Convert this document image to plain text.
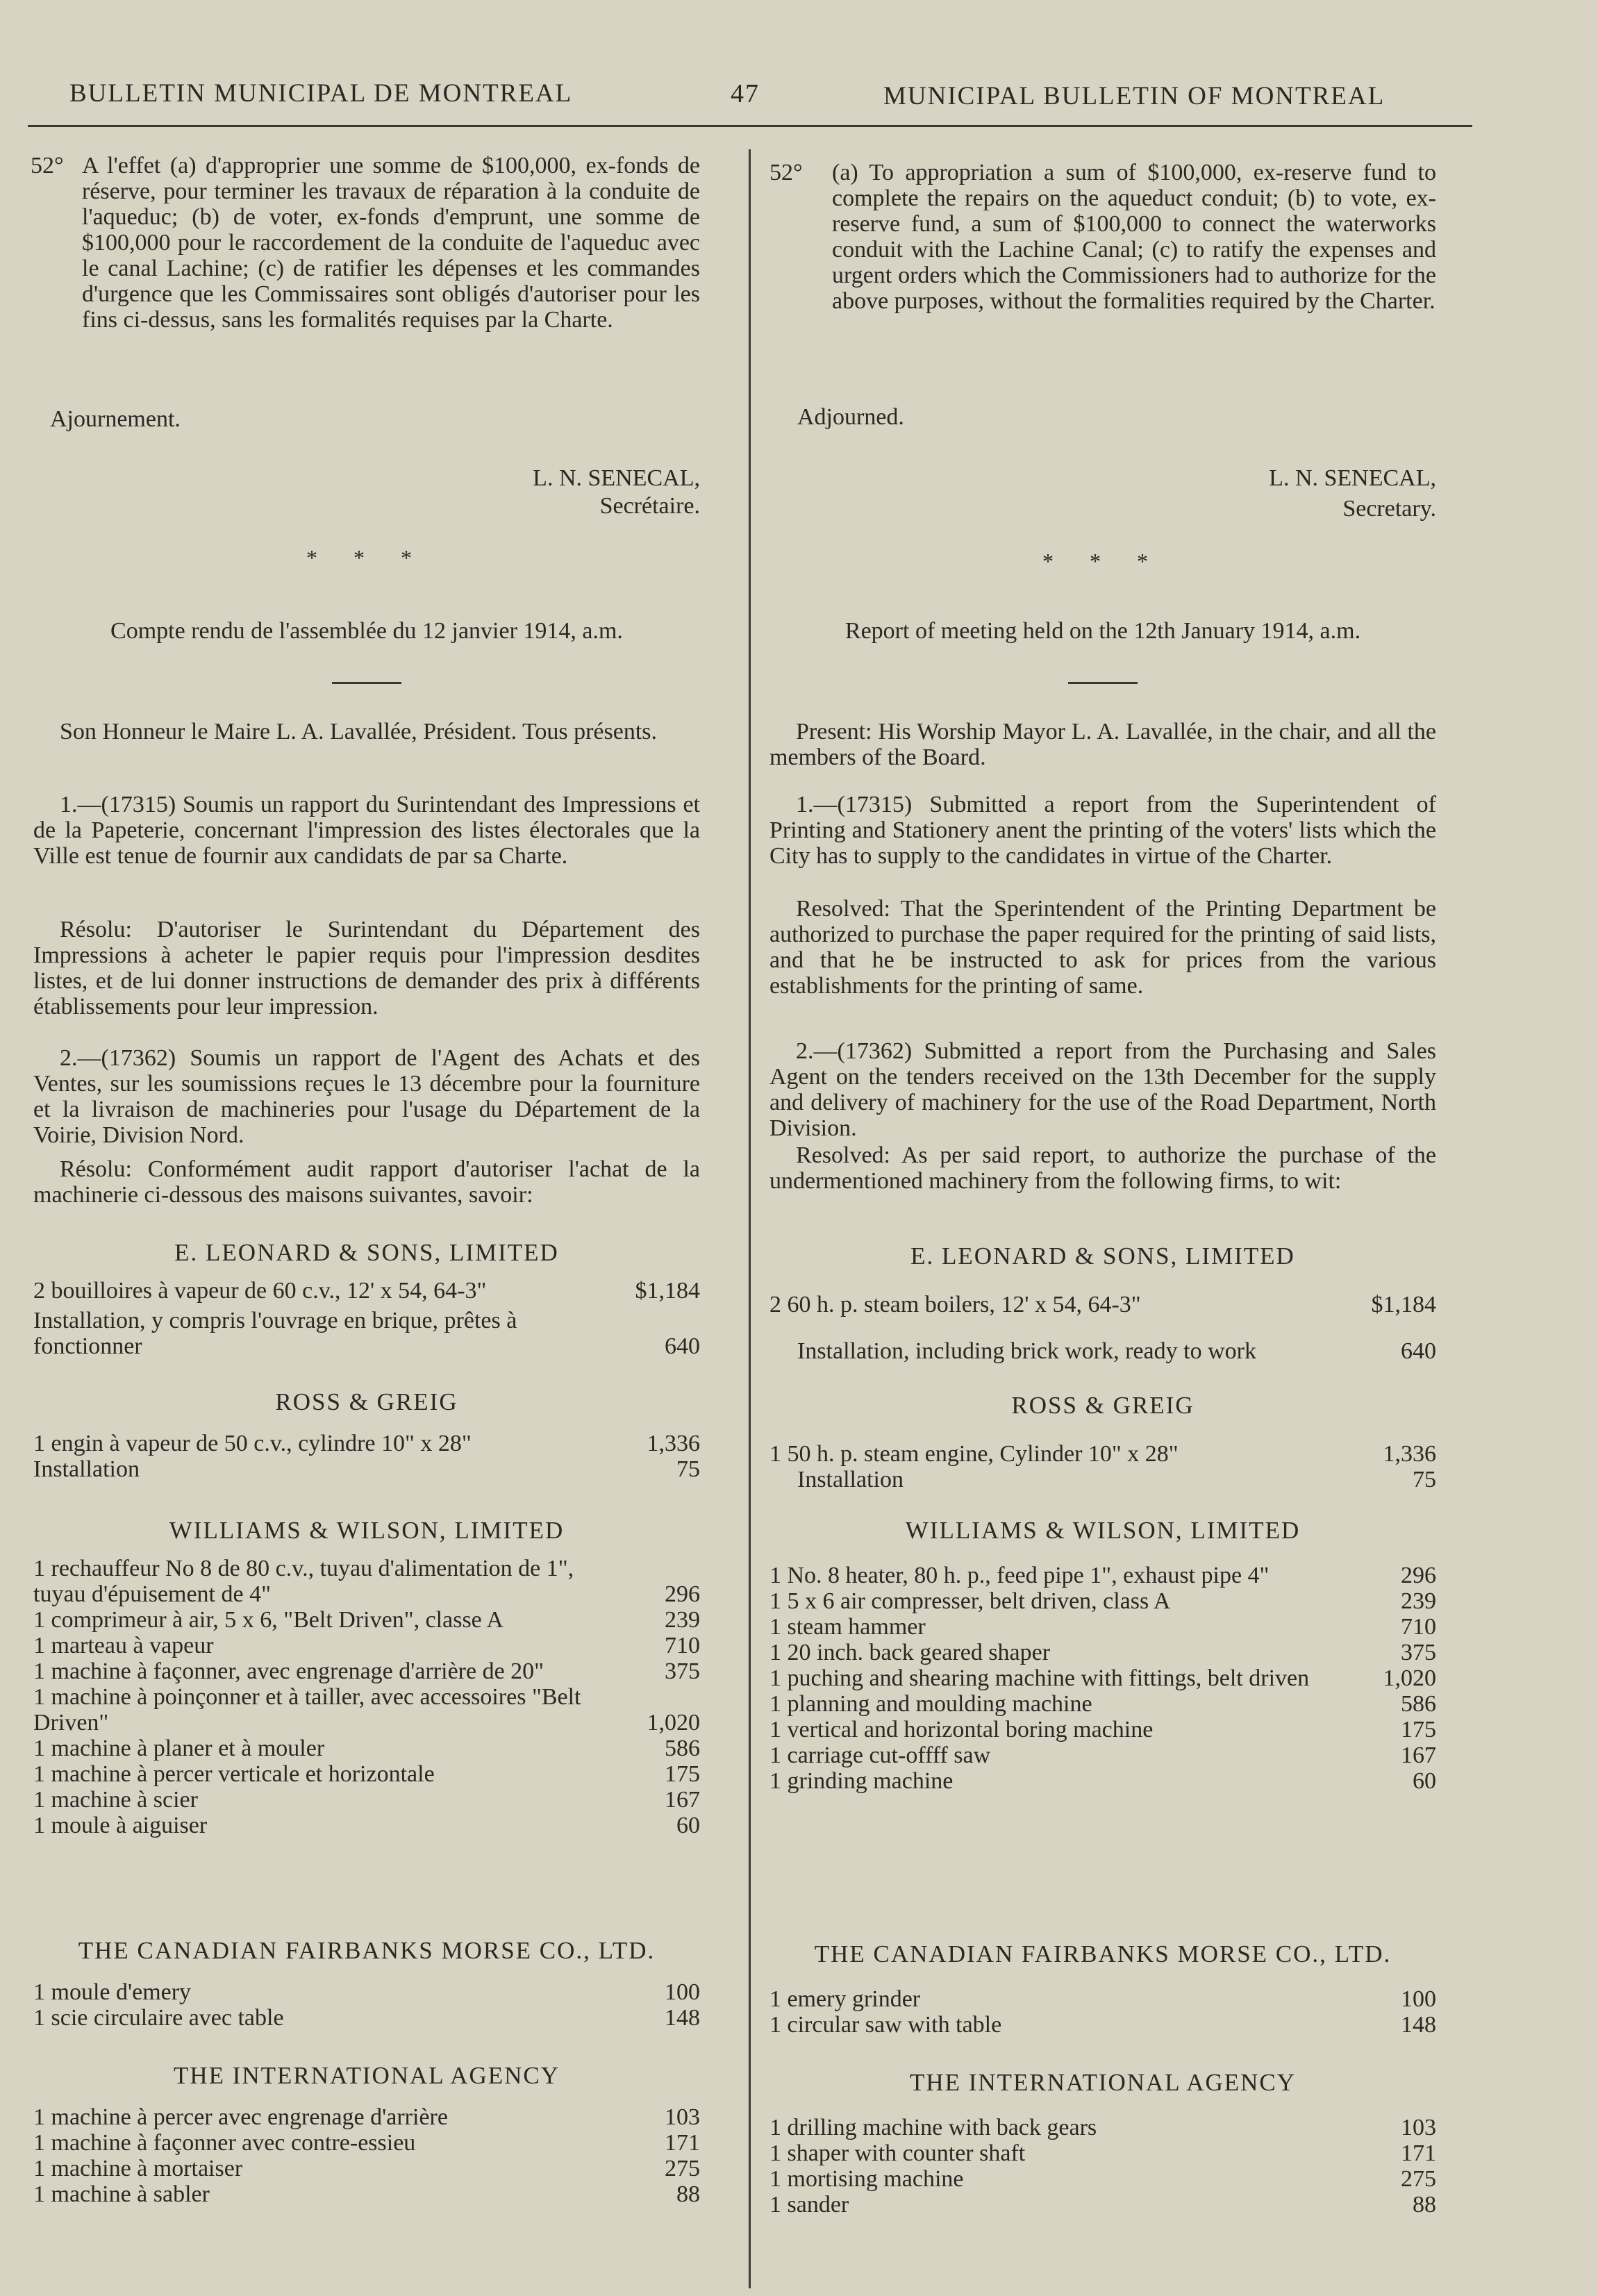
BULLETIN MUNICIPAL DE MONTREAL	47	MUNICIPAL BULLETIN OF MONTREAL
52° A l'effet (a) d'approprier une somme de $100,000, ex-fonds de réserve, pour terminer les travaux de réparation à la conduite de l'aqueduc; (b) de voter, ex-fonds d'emprunt, une somme de $100,000 pour le raccordement de la conduite de l'aqueduc avec le canal Lachine; (c) de ratifier les dépenses et les commandes d'urgence que les Commissaires sont obligés d'autoriser pour les fins ci-dessus, sans les formalités requises par la Charte.
Ajournement.
L. N. SENECAL,
Secrétaire.
* * *
Compte rendu de l'assemblée du 12 janvier 1914, a.m.
Son Honneur le Maire L. A. Lavallée, Président. Tous présents.
1.—(17315) Soumis un rapport du Surintendant des Impressions et de la Papeterie, concernant l'impression des listes électorales que la Ville est tenue de fournir aux candidats de par sa Charte.
Résolu: D'autoriser le Surintendant du Département des Impressions à acheter le papier requis pour l'impression desdites listes, et de lui donner instructions de demander des prix à différents établissements pour leur impression.
2.—(17362) Soumis un rapport de l'Agent des Achats et des Ventes, sur les soumissions reçues le 13 décembre pour la fourniture et la livraison de machineries pour l'usage du Département de la Voirie, Division Nord.
Résolu: Conformément audit rapport d'autoriser l'achat de la machinerie ci-dessous des maisons suivantes, savoir:
E. LEONARD & SONS, LIMITED
2 bouilloires à vapeur de 60 c.v., 12' x 54, 64-3"	$1,184
Installation, y compris l'ouvrage en brique, prêtes à fonctionner	640
ROSS & GREIG
1 engin à vapeur de 50 c.v., cylindre 10" x 28"	1,336
Installation	75
WILLIAMS & WILSON, LIMITED
1 rechauffeur No 8 de 80 c.v., tuyau d'alimentation de 1", tuyau d'épuisement de 4"	296
1 comprimeur à air, 5 x 6, "Belt Driven", classe A	239
1 marteau à vapeur	710
1 machine à façonner, avec engrenage d'arrière de 20"	375
1 machine à poinçonner et à tailler, avec accessoires "Belt Driven"	1,020
1 machine à planer et à mouler	586
1 machine à percer verticale et horizontale	175
1 machine à scier	167
1 moule à aiguiser	60
THE CANADIAN FAIRBANKS MORSE CO., LTD.
1 moule d'emery	100
1 scie circulaire avec table	148
THE INTERNATIONAL AGENCY
1 machine à percer avec engrenage d'arrière	103
1 machine à façonner avec contre-essieu	171
1 machine à mortaiser	275
1 machine à sabler	88
52° (a) To appropriation a sum of $100,000, ex-reserve fund to complete the repairs on the aqueduct conduit; (b) to vote, ex-reserve fund, a sum of $100,000 to connect the waterworks conduit with the Lachine Canal; (c) to ratify the expenses and urgent orders which the Commissioners had to authorize for the above purposes, without the formalities required by the Charter.
Adjourned.
L. N. SENECAL,
Secretary.
* * *
Report of meeting held on the 12th January 1914, a.m.
Present: His Worship Mayor L. A. Lavallée, in the chair, and all the members of the Board.
1.—(17315) Submitted a report from the Superintendent of Printing and Stationery anent the printing of the voters' lists which the City has to supply to the candidates in virtue of the Charter.
Resolved: That the Sperintendent of the Printing Department be authorized to purchase the paper required for the printing of said lists, and that he be instructed to ask for prices from the various establishments for the printing of same.
2.—(17362) Submitted a report from the Purchasing and Sales Agent on the tenders received on the 13th December for the supply and delivery of machinery for the use of the Road Department, North Division.
Resolved: As per said report, to authorize the purchase of the undermentioned machinery from the following firms, to wit:
E. LEONARD & SONS, LIMITED
2 60 h. p. steam boilers, 12' x 54, 64-3"	$1,184
Installation, including brick work, ready to work	640
ROSS & GREIG
1 50 h. p. steam engine, Cylinder 10" x 28"	1,336
Installation	75
WILLIAMS & WILSON, LIMITED
1 No. 8 heater, 80 h. p., feed pipe 1", exhaust pipe 4"	296
1 5 x 6 air compresser, belt driven, class A	239
1 steam hammer	710
1 20 inch. back geared shaper	375
1 puching and shearing machine with fittings, belt driven	1,020
1 planning and moulding machine	586
1 vertical and horizontal boring machine	175
1 carriage cut-offff saw	167
1 grinding machine	60
THE CANADIAN FAIRBANKS MORSE CO., LTD.
1 emery grinder	100
1 circular saw with table	148
THE INTERNATIONAL AGENCY
1 drilling machine with back gears	103
1 shaper with counter shaft	171
1 mortising machine	275
1 sander	88
